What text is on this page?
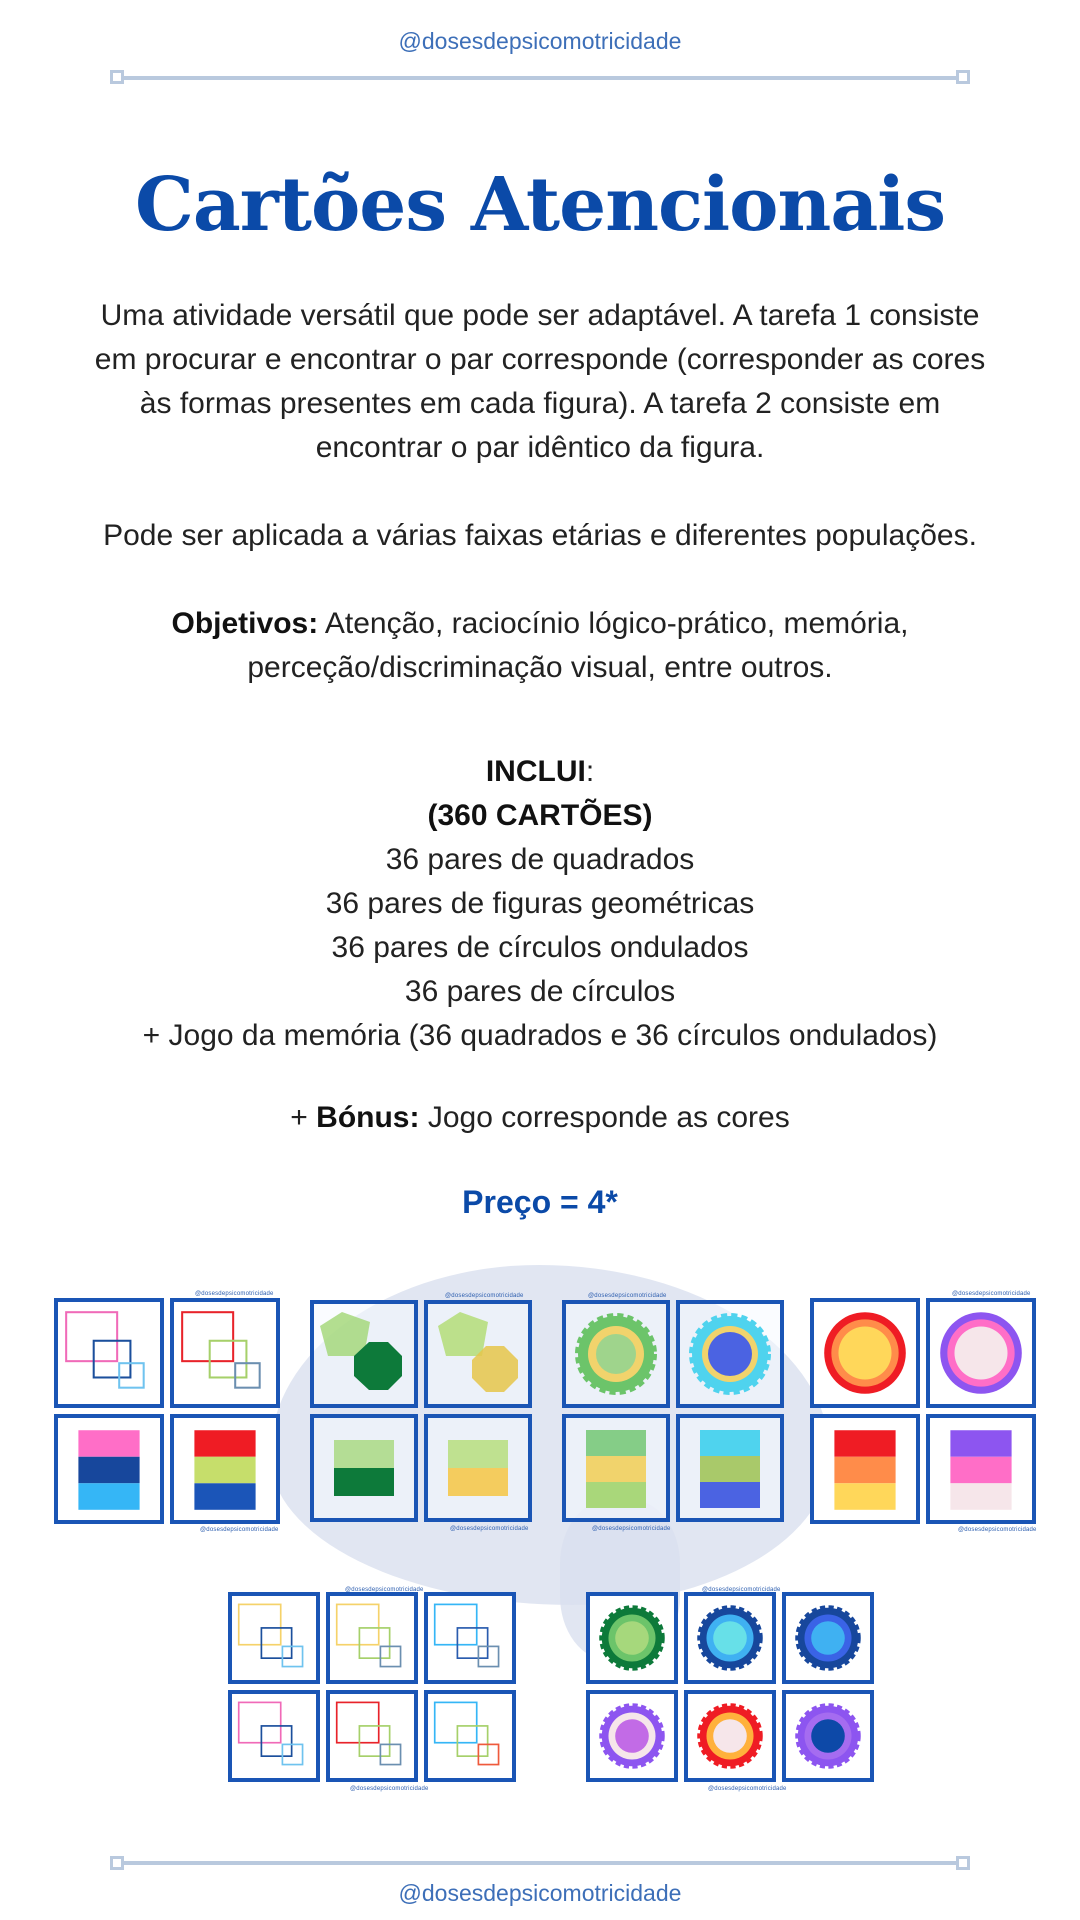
@dosesdepsicomotricidade
Cartões Atencionais
Uma atividade versátil que pode ser adaptável. A tarefa 1 consiste
em procurar e encontrar o par corresponde (corresponder as cores
às formas presentes em cada figura). A tarefa 2 consiste em
encontrar o par idêntico da figura.
Pode ser aplicada a várias faixas etárias e diferentes populações.
Objetivos: Atenção, raciocínio lógico-prático, memória,
perceção/discriminação visual, entre outros.
INCLUI:
(360 CARTÕES)
36 pares de quadrados
36 pares de figuras geométricas
36 pares de círculos ondulados
36 pares de círculos
+ Jogo da memória (36 quadrados e 36 círculos ondulados)
+ Bónus: Jogo corresponde as cores
Preço = 4*
@dosesdepsicomotricidade
@dosesdepsicomotricidade
@dosesdepsicomotricidade
@dosesdepsicomotricidade
@dosesdepsicomotricidade
@dosesdepsicomotricidade
@dosesdepsicomotricidade
@dosesdepsicomotricidade
@dosesdepsicomotricidade
@dosesdepsicomotricidade
@dosesdepsicomotricidade
@dosesdepsicomotricidade
@dosesdepsicomotricidade
